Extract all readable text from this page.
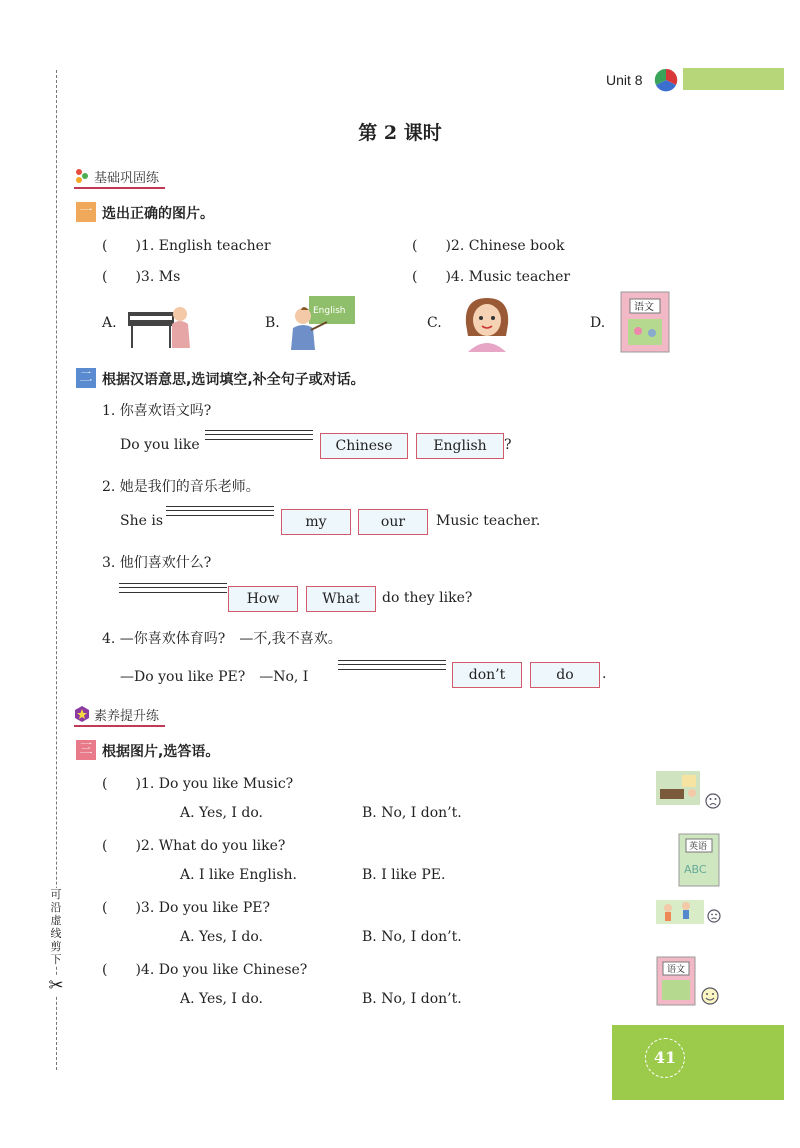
可沿虚线剪下
✂
Unit 8
第 2 课时
基础巩固练
一 选出正确的图片。
(　　)1. English teacher	(　　)2. Chinese book
(　　)3. Ms	(　　)4. Music teacher
A.	B.
English
C.	D.
语文
二 根据汉语意思,选词填空,补全句子或对话。
1. 你喜欢语文吗?
Do you like	Chinese	English	?
2. 她是我们的音乐老师。
She is	my	our	Music teacher.
3. 他们喜欢什么?
How	What	do they like?
4. —你喜欢体育吗?　—不,我不喜欢。
—Do you like PE?　—No, I	don’t	do	.
素养提升练
三 根据图片,选答语。
(　　)1. Do you like Music?
A. Yes, I do.	B. No, I don’t.
(　　)2. What do you like?
A. I like English.	B. I like PE.
(　　)3. Do you like PE?
A. Yes, I do.	B. No, I don’t.
(　　)4. Do you like Chinese?
A. Yes, I do.	B. No, I don’t.
英语
ABC
语文
41
